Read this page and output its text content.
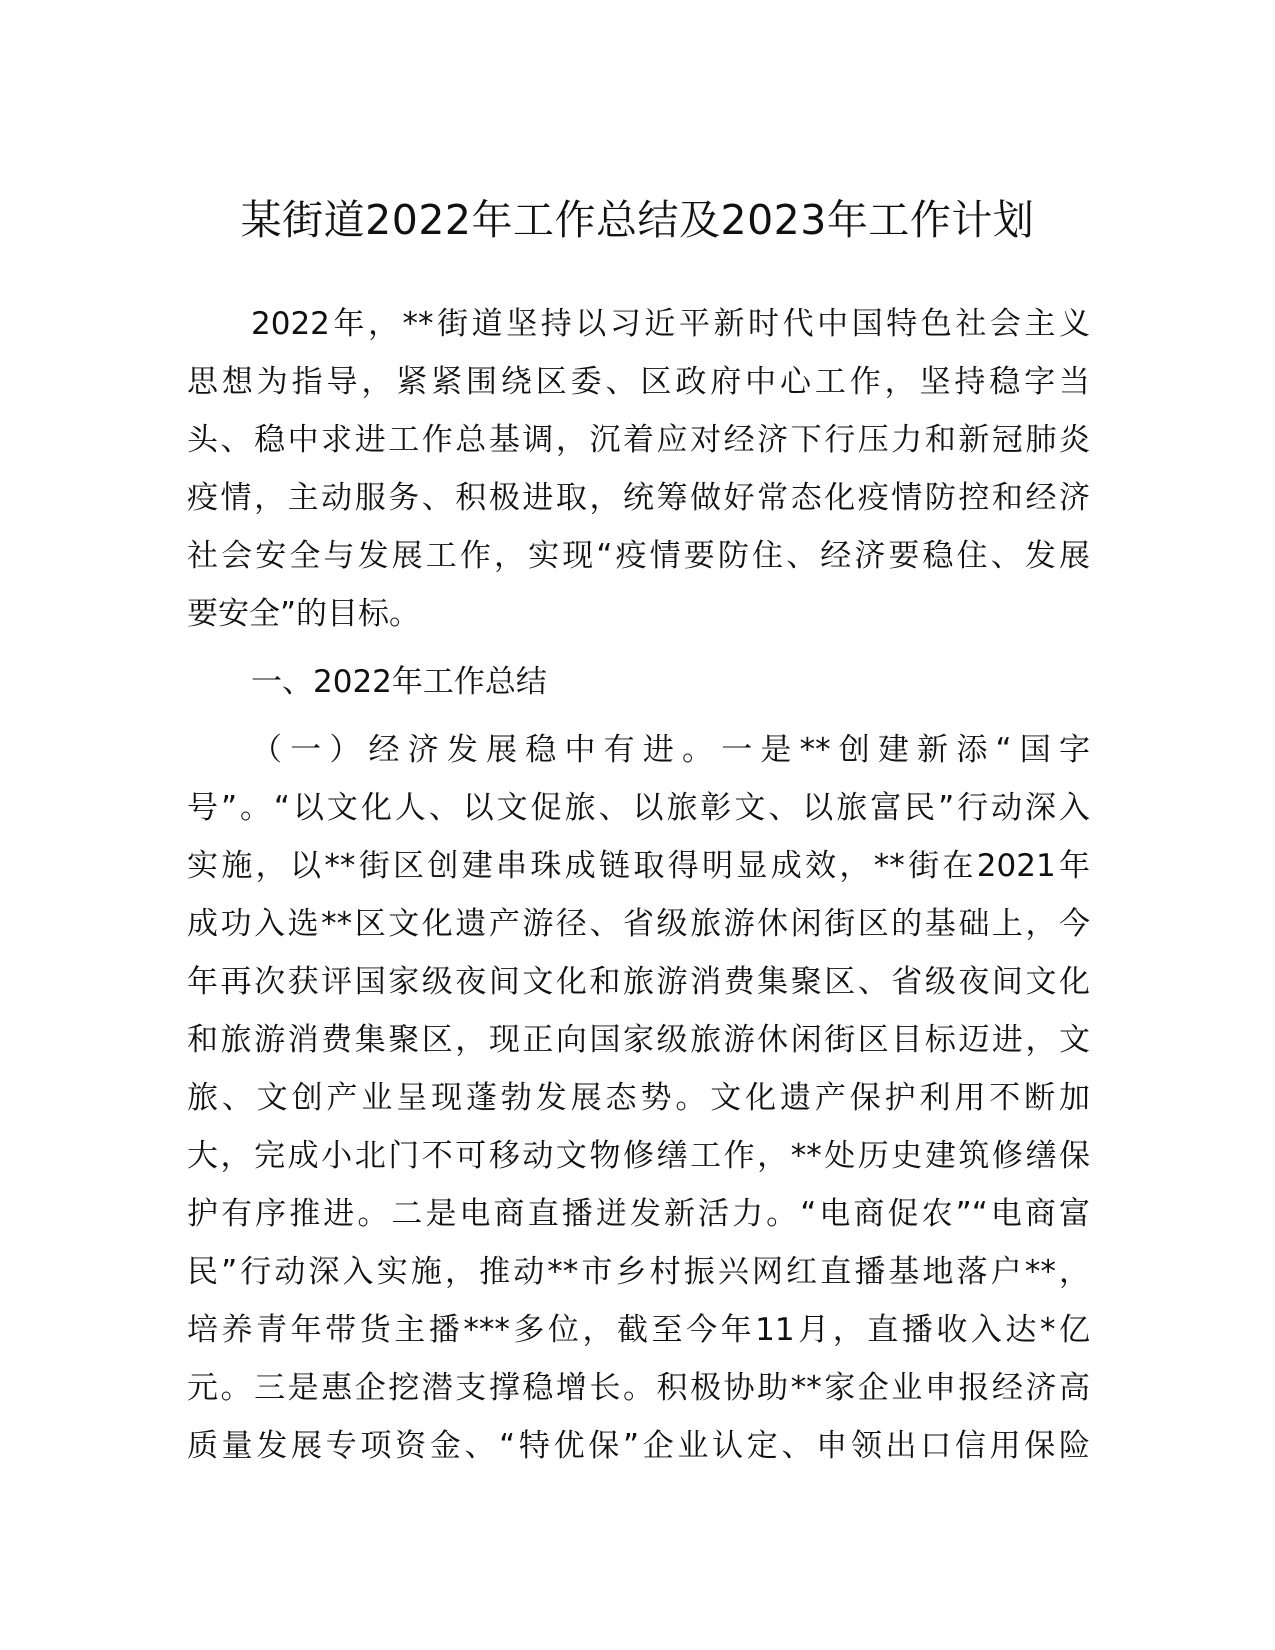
某街道2022年工作总结及2023年工作计划
2022年，**街道坚持以习近平新时代中国特色社会主义
思想为指导，紧紧围绕区委、区政府中心工作，坚持稳字当
头、稳中求进工作总基调，沉着应对经济下行压力和新冠肺炎
疫情，主动服务、积极进取，统筹做好常态化疫情防控和经济
社会安全与发展工作，实现“疫情要防住、经济要稳住、发展
要安全”的目标。
一、2022年工作总结
（一）经济发展稳中有进。一是**创建新添“国字
号”。“以文化人、以文促旅、以旅彰文、以旅富民”行动深入
实施，以**街区创建串珠成链取得明显成效，**街在2021年
成功入选**区文化遗产游径、省级旅游休闲街区的基础上，今
年再次获评国家级夜间文化和旅游消费集聚区、省级夜间文化
和旅游消费集聚区，现正向国家级旅游休闲街区目标迈进，文
旅、文创产业呈现蓬勃发展态势。文化遗产保护利用不断加
大，完成小北门不可移动文物修缮工作，**处历史建筑修缮保
护有序推进。二是电商直播迸发新活力。“电商促农”“电商富
民”行动深入实施，推动**市乡村振兴网红直播基地落户**，
培养青年带货主播***多位，截至今年11月，直播收入达*亿
元。三是惠企挖潜支撑稳增长。积极协助**家企业申报经济高
质量发展专项资金、“特优保”企业认定、申领出口信用保险
